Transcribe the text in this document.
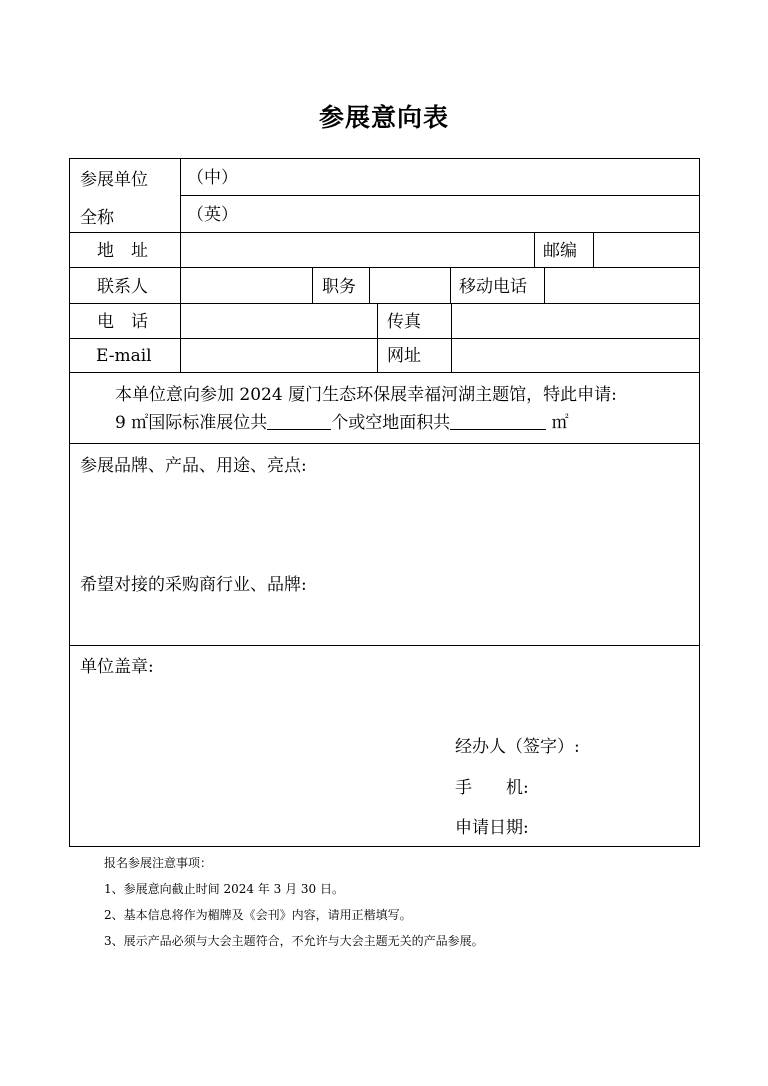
参展意向表
参展单位
全称
（中）
（英）
地　址	邮编
联系人	职务	移动电话
电　话	传真
E-mail	网址
本单位意向参加 2024 厦门生态环保展幸福河湖主题馆，特此申请:
9 ㎡国际标准展位共	个或空地面积共	㎡
参展品牌、产品、用途、亮点:
希望对接的采购商行业、品牌:
单位盖章:
经办人（签字）:
手　　机:
申请日期:
报名参展注意事项：
1、参展意向截止时间 2024 年 3 月 30 日。
2、基本信息将作为楣牌及《会刊》内容，请用正楷填写。
3、展示产品必须与大会主题符合，不允许与大会主题无关的产品参展。
